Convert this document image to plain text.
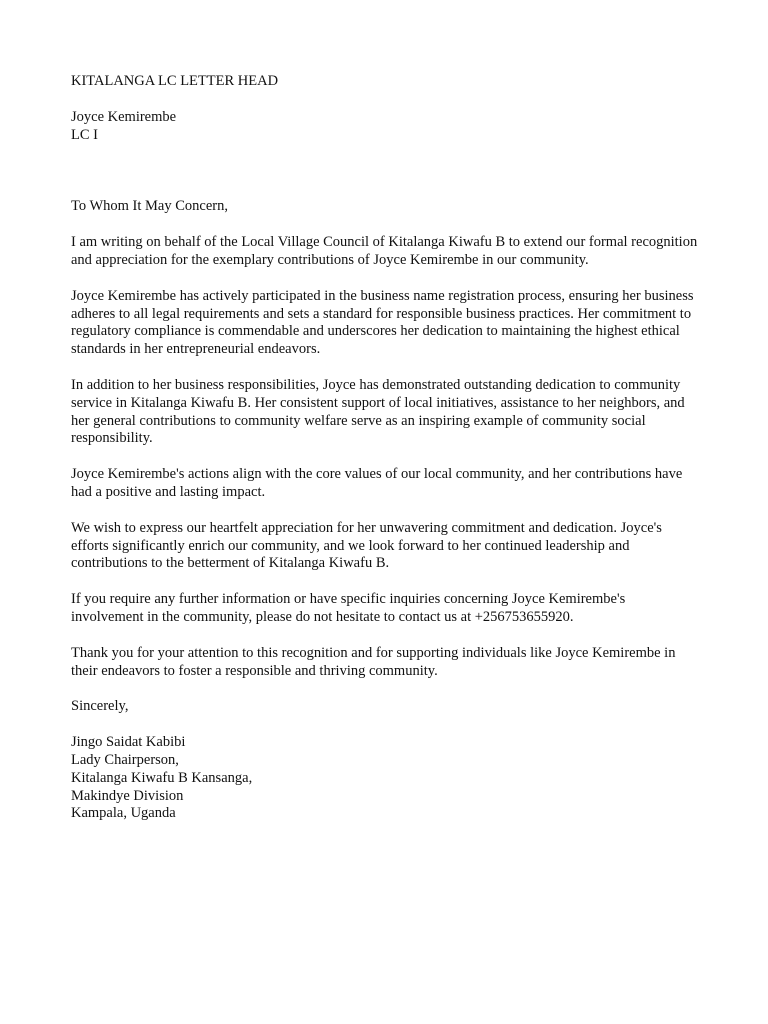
KITALANGA LC LETTER HEAD
Joyce Kemirembe
LC I
To Whom It May Concern,

I am writing on behalf of the Local Village Council of Kitalanga Kiwafu B to extend our formal recognition and appreciation for the exemplary contributions of Joyce Kemirembe in our community.

Joyce Kemirembe has actively participated in the business name registration process, ensuring her business adheres to all legal requirements and sets a standard for responsible business practices. Her commitment to regulatory compliance is commendable and underscores her dedication to maintaining the highest ethical standards in her entrepreneurial endeavors.

In addition to her business responsibilities, Joyce has demonstrated outstanding dedication to community service in Kitalanga Kiwafu B. Her consistent support of local initiatives, assistance to her neighbors, and her general contributions to community welfare serve as an inspiring example of community social responsibility.

Joyce Kemirembe's actions align with the core values of our local community, and her contributions have had a positive and lasting impact.

We wish to express our heartfelt appreciation for her unwavering commitment and dedication. Joyce's efforts significantly enrich our community, and we look forward to her continued leadership and contributions to the betterment of Kitalanga Kiwafu B.

If you require any further information or have specific inquiries concerning Joyce Kemirembe's involvement in the community, please do not hesitate to contact us at +256753655920.

Thank you for your attention to this recognition and for supporting individuals like Joyce Kemirembe in their endeavors to foster a responsible and thriving community.

Sincerely,
Jingo Saidat Kabibi
Lady Chairperson,
Kitalanga Kiwafu B Kansanga,
Makindye Division
Kampala, Uganda
